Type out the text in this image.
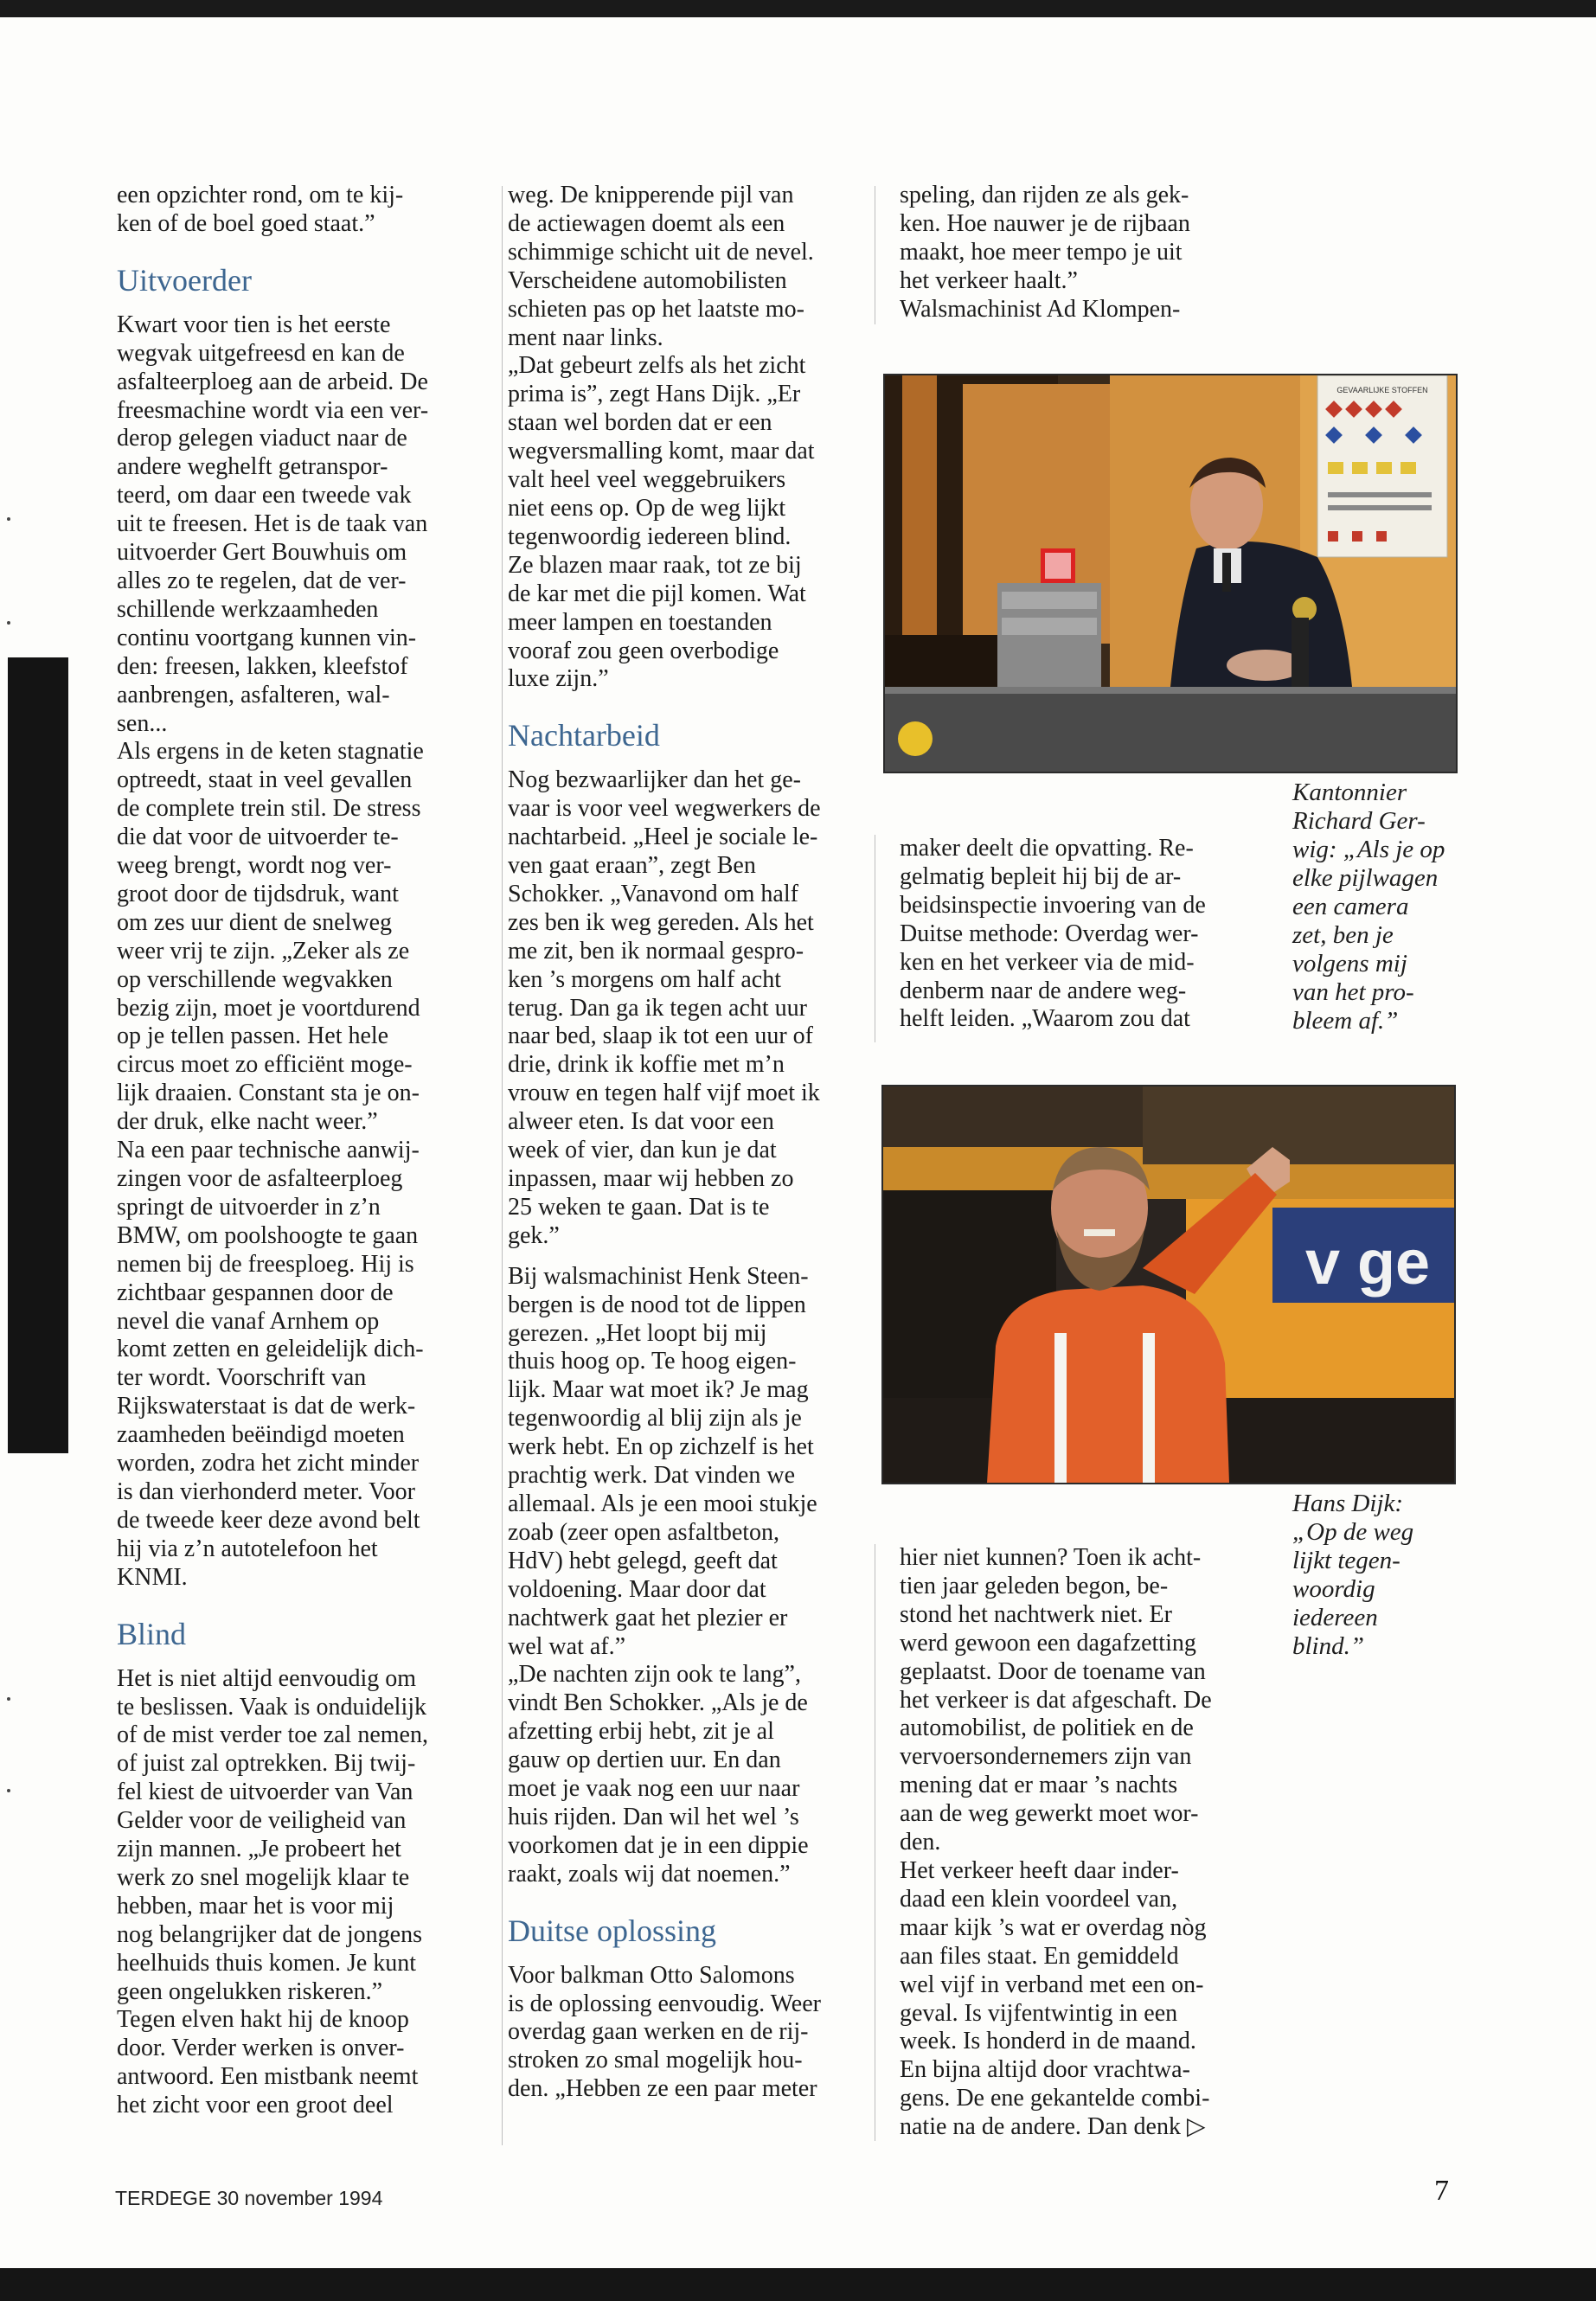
een opzichter rond, om te kij-
ken of de boel goed staat.”

Uitvoerder

Kwart voor tien is het eerste
wegvak uitgefreesd en kan de
asfalteerploeg aan de arbeid. De
freesmachine wordt via een ver-
derop gelegen viaduct naar de
andere weghelft getranspor-
teerd, om daar een tweede vak
uit te freesen. Het is de taak van
uitvoerder Gert Bouwhuis om
alles zo te regelen, dat de ver-
schillende werkzaamheden
continu voortgang kunnen vin-
den: freesen, lakken, kleefstof
aanbrengen, asfalteren, wal-
sen...
Als ergens in de keten stagnatie
optreedt, staat in veel gevallen
de complete trein stil. De stress
die dat voor de uitvoerder te-
weeg brengt, wordt nog ver-
groot door de tijdsdruk, want
om zes uur dient de snelweg
weer vrij te zijn. „Zeker als ze
op verschillende wegvakken
bezig zijn, moet je voortdurend
op je tellen passen. Het hele
circus moet zo efficiënt moge-
lijk draaien. Constant sta je on-
der druk, elke nacht weer.”
Na een paar technische aanwij-
zingen voor de asfalteerploeg
springt de uitvoerder in z’n
BMW, om poolshoogte te gaan
nemen bij de freesploeg. Hij is
zichtbaar gespannen door de
nevel die vanaf Arnhem op
komt zetten en geleidelijk dich-
ter wordt. Voorschrift van
Rijkswaterstaat is dat de werk-
zaamheden beëindigd moeten
worden, zodra het zicht minder
is dan vierhonderd meter. Voor
de tweede keer deze avond belt
hij via z’n autotelefoon het
KNMI.

Blind

Het is niet altijd eenvoudig om
te beslissen. Vaak is onduidelijk
of de mist verder toe zal nemen,
of juist zal optrekken. Bij twij-
fel kiest de uitvoerder van Van
Gelder voor de veiligheid van
zijn mannen. „Je probeert het
werk zo snel mogelijk klaar te
hebben, maar het is voor mij
nog belangrijker dat de jongens
heelhuids thuis komen. Je kunt
geen ongelukken riskeren.”
Tegen elven hakt hij de knoop
door. Verder werken is onver-
antwoord. Een mistbank neemt
het zicht voor een groot deel

weg. De knipperende pijl van
de actiewagen doemt als een
schimmige schicht uit de nevel.
Verscheidene automobilisten
schieten pas op het laatste mo-
ment naar links.
„Dat gebeurt zelfs als het zicht
prima is”, zegt Hans Dijk. „Er
staan wel borden dat er een
wegversmalling komt, maar dat
valt heel veel weggebruikers
niet eens op. Op de weg lijkt
tegenwoordig iedereen blind.
Ze blazen maar raak, tot ze bij
de kar met die pijl komen. Wat
meer lampen en toestanden
vooraf zou geen overbodige
luxe zijn.”

Nachtarbeid

Nog bezwaarlijker dan het ge-
vaar is voor veel wegwerkers de
nachtarbeid. „Heel je sociale le-
ven gaat eraan”, zegt Ben
Schokker. „Vanavond om half
zes ben ik weg gereden. Als het
me zit, ben ik normaal gespro-
ken ’s morgens om half acht
terug. Dan ga ik tegen acht uur
naar bed, slaap ik tot een uur of
drie, drink ik koffie met m’n
vrouw en tegen half vijf moet ik
alweer eten. Is dat voor een
week of vier, dan kun je dat
inpassen, maar wij hebben zo
25 weken te gaan. Dat is te
gek.”

Bij walsmachinist Henk Steen-
bergen is de nood tot de lippen
gerezen. „Het loopt bij mij
thuis hoog op. Te hoog eigen-
lijk. Maar wat moet ik? Je mag
tegenwoordig al blij zijn als je
werk hebt. En op zichzelf is het
prachtig werk. Dat vinden we
allemaal. Als je een mooi stukje
zoab (zeer open asfaltbeton,
HdV) hebt gelegd, geeft dat
voldoening. Maar door dat
nachtwerk gaat het plezier er
wel wat af.”
„De nachten zijn ook te lang”,
vindt Ben Schokker. „Als je de
afzetting erbij hebt, zit je al
gauw op dertien uur. En dan
moet je vaak nog een uur naar
huis rijden. Dan wil het wel ’s
voorkomen dat je in een dippie
raakt, zoals wij dat noemen.”

Duitse oplossing

Voor balkman Otto Salomons
is de oplossing eenvoudig. Weer
overdag gaan werken en de rij-
stroken zo smal mogelijk hou-
den. „Hebben ze een paar meter

speling, dan rijden ze als gek-
ken. Hoe nauwer je de rijbaan
maakt, hoe meer tempo je uit
het verkeer haalt.”
Walsmachinist Ad Klompen-

maker deelt die opvatting. Re-
gelmatig bepleit hij bij de ar-
beidsinspectie invoering van de
Duitse methode: Overdag wer-
ken en het verkeer via de mid-
denberm naar de andere weg-
helft leiden. „Waarom zou dat

hier niet kunnen? Toen ik acht-
tien jaar geleden begon, be-
stond het nachtwerk niet. Er
werd gewoon een dagafzetting
geplaatst. Door de toename van
het verkeer is dat afgeschaft. De
automobilist, de politiek en de
vervoersondernemers zijn van
mening dat er maar ’s nachts
aan de weg gewerkt moet wor-
den.
Het verkeer heeft daar inder-
daad een klein voordeel van,
maar kijk ’s wat er overdag nòg
aan files staat. En gemiddeld
wel vijf in verband met een on-
geval. Is vijfentwintig in een
week. Is honderd in de maand.
En bijna altijd door vrachtwa-
gens. De ene gekantelde combi-
natie na de andere. Dan denk ▷

GEVAARLIJKE STOFFEN
Kantonnier
Richard Ger-
wig: „Als je op
elke pijlwagen
een camera
zet, ben je
volgens mij
van het pro-
bleem af.”
v ge
Hans Dijk:
„Op de weg
lijkt tegen-
woordig
iedereen
blind.”
TERDEGE 30 november 1994	7
